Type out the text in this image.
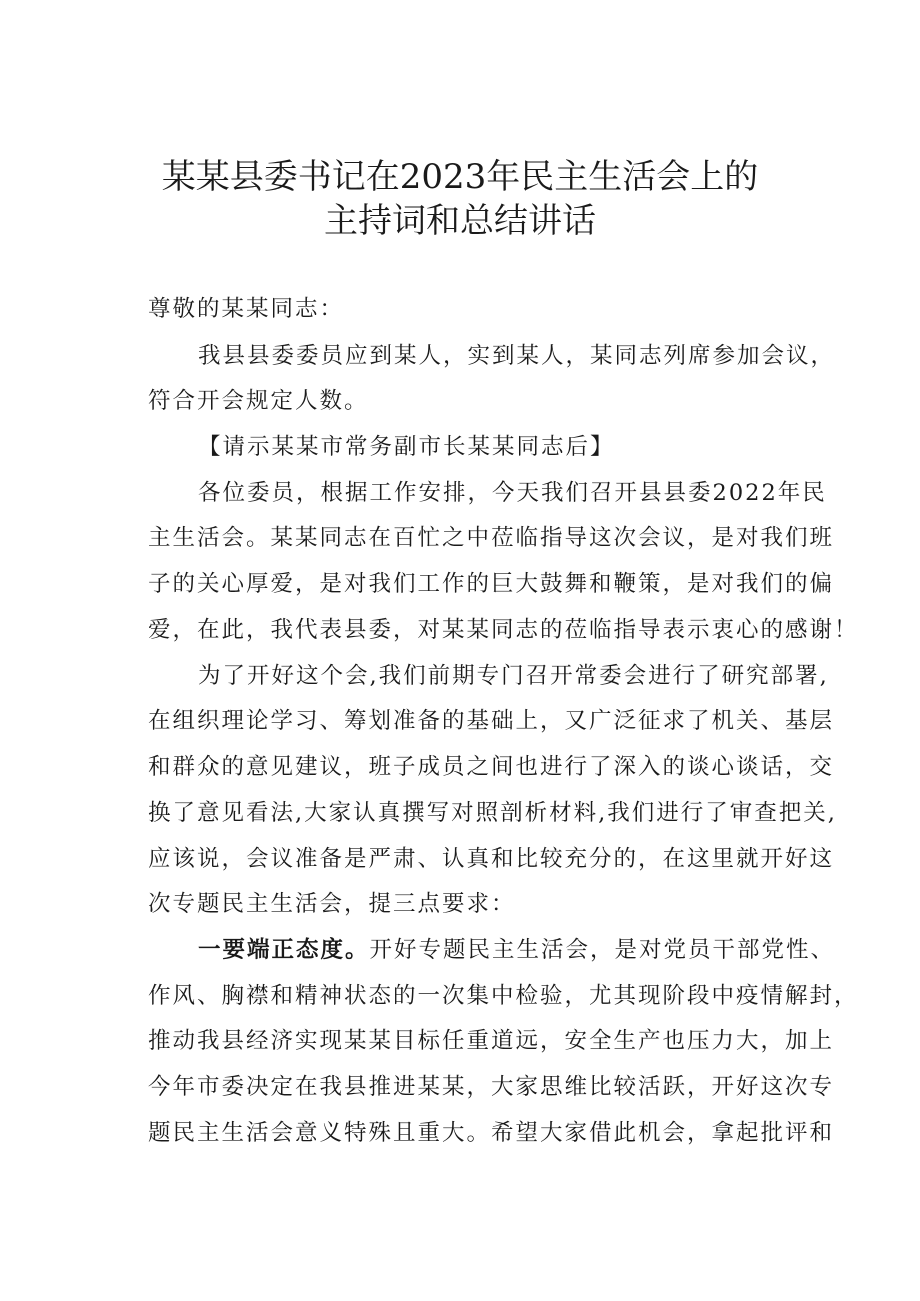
某某县委书记在2023年民主生活会上的
主持词和总结讲话
尊敬的某某同志：
我县县委委员应到某人，实到某人，某同志列席参加会议，
符合开会规定人数。
【请示某某市常务副市长某某同志后】
各位委员，根据工作安排，今天我们召开县县委2022年民
主生活会。某某同志在百忙之中莅临指导这次会议，是对我们班
子的关心厚爱，是对我们工作的巨大鼓舞和鞭策，是对我们的偏
爱，在此，我代表县委，对某某同志的莅临指导表示衷心的感谢！
为了开好这个会,我们前期专门召开常委会进行了研究部署,
在组织理论学习、筹划准备的基础上，又广泛征求了机关、基层
和群众的意见建议，班子成员之间也进行了深入的谈心谈话，交
换了意见看法,大家认真撰写对照剖析材料,我们进行了审查把关,
应该说，会议准备是严肃、认真和比较充分的，在这里就开好这
次专题民主生活会，提三点要求：
一要端正态度。开好专题民主生活会，是对党员干部党性、
作风、胸襟和精神状态的一次集中检验，尤其现阶段中疫情解封，
推动我县经济实现某某目标任重道远，安全生产也压力大，加上
今年市委决定在我县推进某某，大家思维比较活跃，开好这次专
题民主生活会意义特殊且重大。希望大家借此机会，拿起批评和
